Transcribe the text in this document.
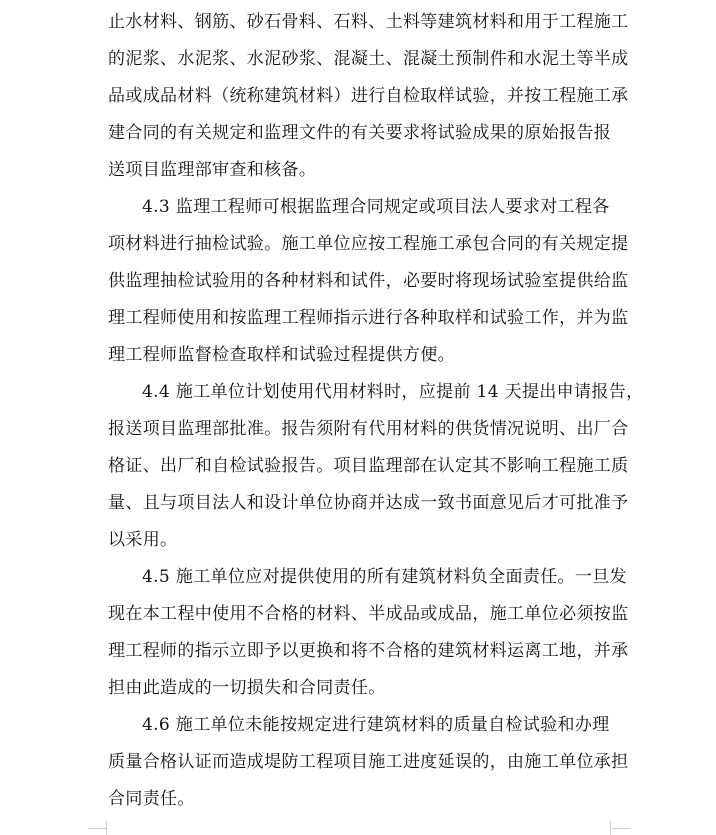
止水材料、钢筋、砂石骨料、石料、土料等建筑材料和用于工程施工
的泥浆、水泥浆、水泥砂浆、混凝土、混凝土预制件和水泥土等半成
品或成品材料（统称建筑材料）进行自检取样试验，并按工程施工承
建合同的有关规定和监理文件的有关要求将试验成果的原始报告报
送项目监理部审查和核备。
4.3 监理工程师可根据监理合同规定或项目法人要求对工程各
项材料进行抽检试验。施工单位应按工程施工承包合同的有关规定提
供监理抽检试验用的各种材料和试件，必要时将现场试验室提供给监
理工程师使用和按监理工程师指示进行各种取样和试验工作，并为监
理工程师监督检查取样和试验过程提供方便。
4.4 施工单位计划使用代用材料时，应提前 14 天提出申请报告，
报送项目监理部批准。报告须附有代用材料的供货情况说明、出厂合
格证、出厂和自检试验报告。项目监理部在认定其不影响工程施工质
量、且与项目法人和设计单位协商并达成一致书面意见后才可批准予
以采用。
4.5 施工单位应对提供使用的所有建筑材料负全面责任。一旦发
现在本工程中使用不合格的材料、半成品或成品，施工单位必须按监
理工程师的指示立即予以更换和将不合格的建筑材料运离工地，并承
担由此造成的一切损失和合同责任。
4.6 施工单位未能按规定进行建筑材料的质量自检试验和办理
质量合格认证而造成堤防工程项目施工进度延误的，由施工单位承担
合同责任。
